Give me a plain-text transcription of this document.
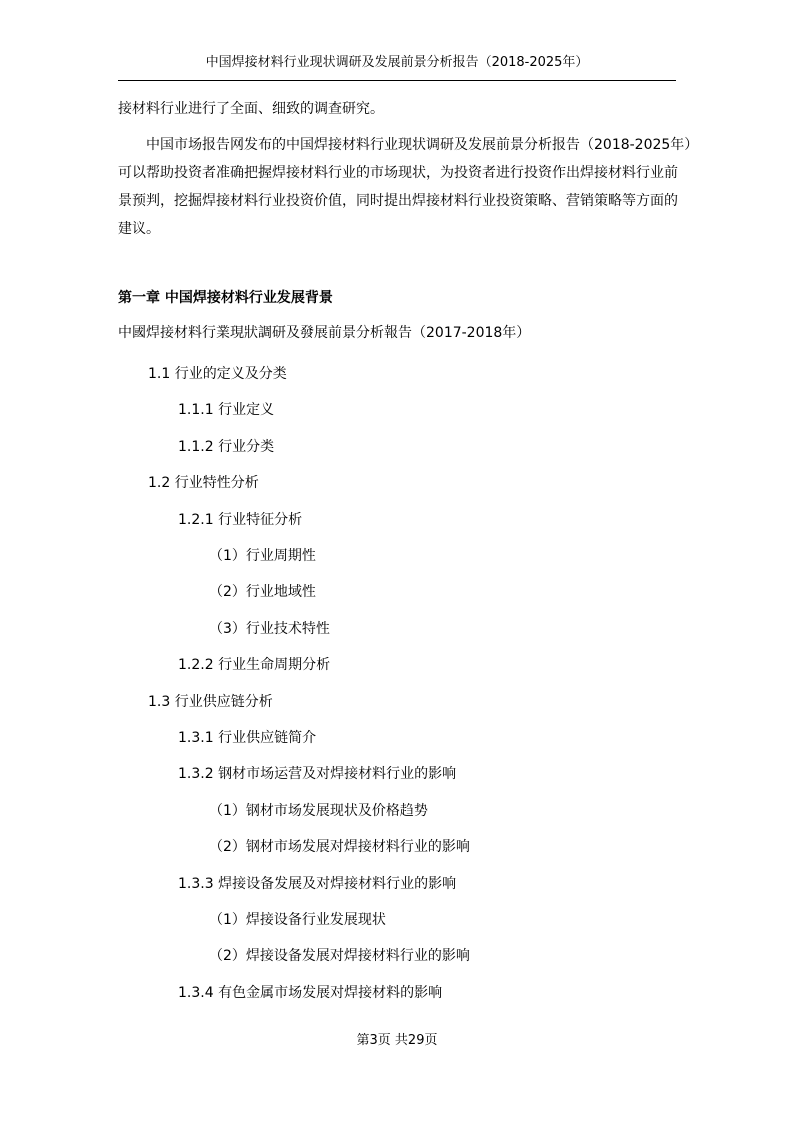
中国焊接材料行业现状调研及发展前景分析报告（2018-2025年）

接材料行业进行了全面、细致的调查研究。

中国市场报告网发布的中国焊接材料行业现状调研及发展前景分析报告（2018-2025年）
可以帮助投资者准确把握焊接材料行业的市场现状，为投资者进行投资作出焊接材料行业前
景预判，挖掘焊接材料行业投资价值，同时提出焊接材料行业投资策略、营销策略等方面的
建议。

第一章 中国焊接材料行业发展背景
中國焊接材料行業現狀調研及發展前景分析報告（2017-2018年）
1.1 行业的定义及分类
1.1.1 行业定义
1.1.2 行业分类
1.2 行业特性分析
1.2.1 行业特征分析
（1）行业周期性
（2）行业地域性
（3）行业技术特性
1.2.2 行业生命周期分析
1.3 行业供应链分析
1.3.1 行业供应链简介
1.3.2 钢材市场运营及对焊接材料行业的影响
（1）钢材市场发展现状及价格趋势
（2）钢材市场发展对焊接材料行业的影响
1.3.3 焊接设备发展及对焊接材料行业的影响
（1）焊接设备行业发展现状
（2）焊接设备发展对焊接材料行业的影响
1.3.4 有色金属市场发展对焊接材料的影响
第3页 共29页
